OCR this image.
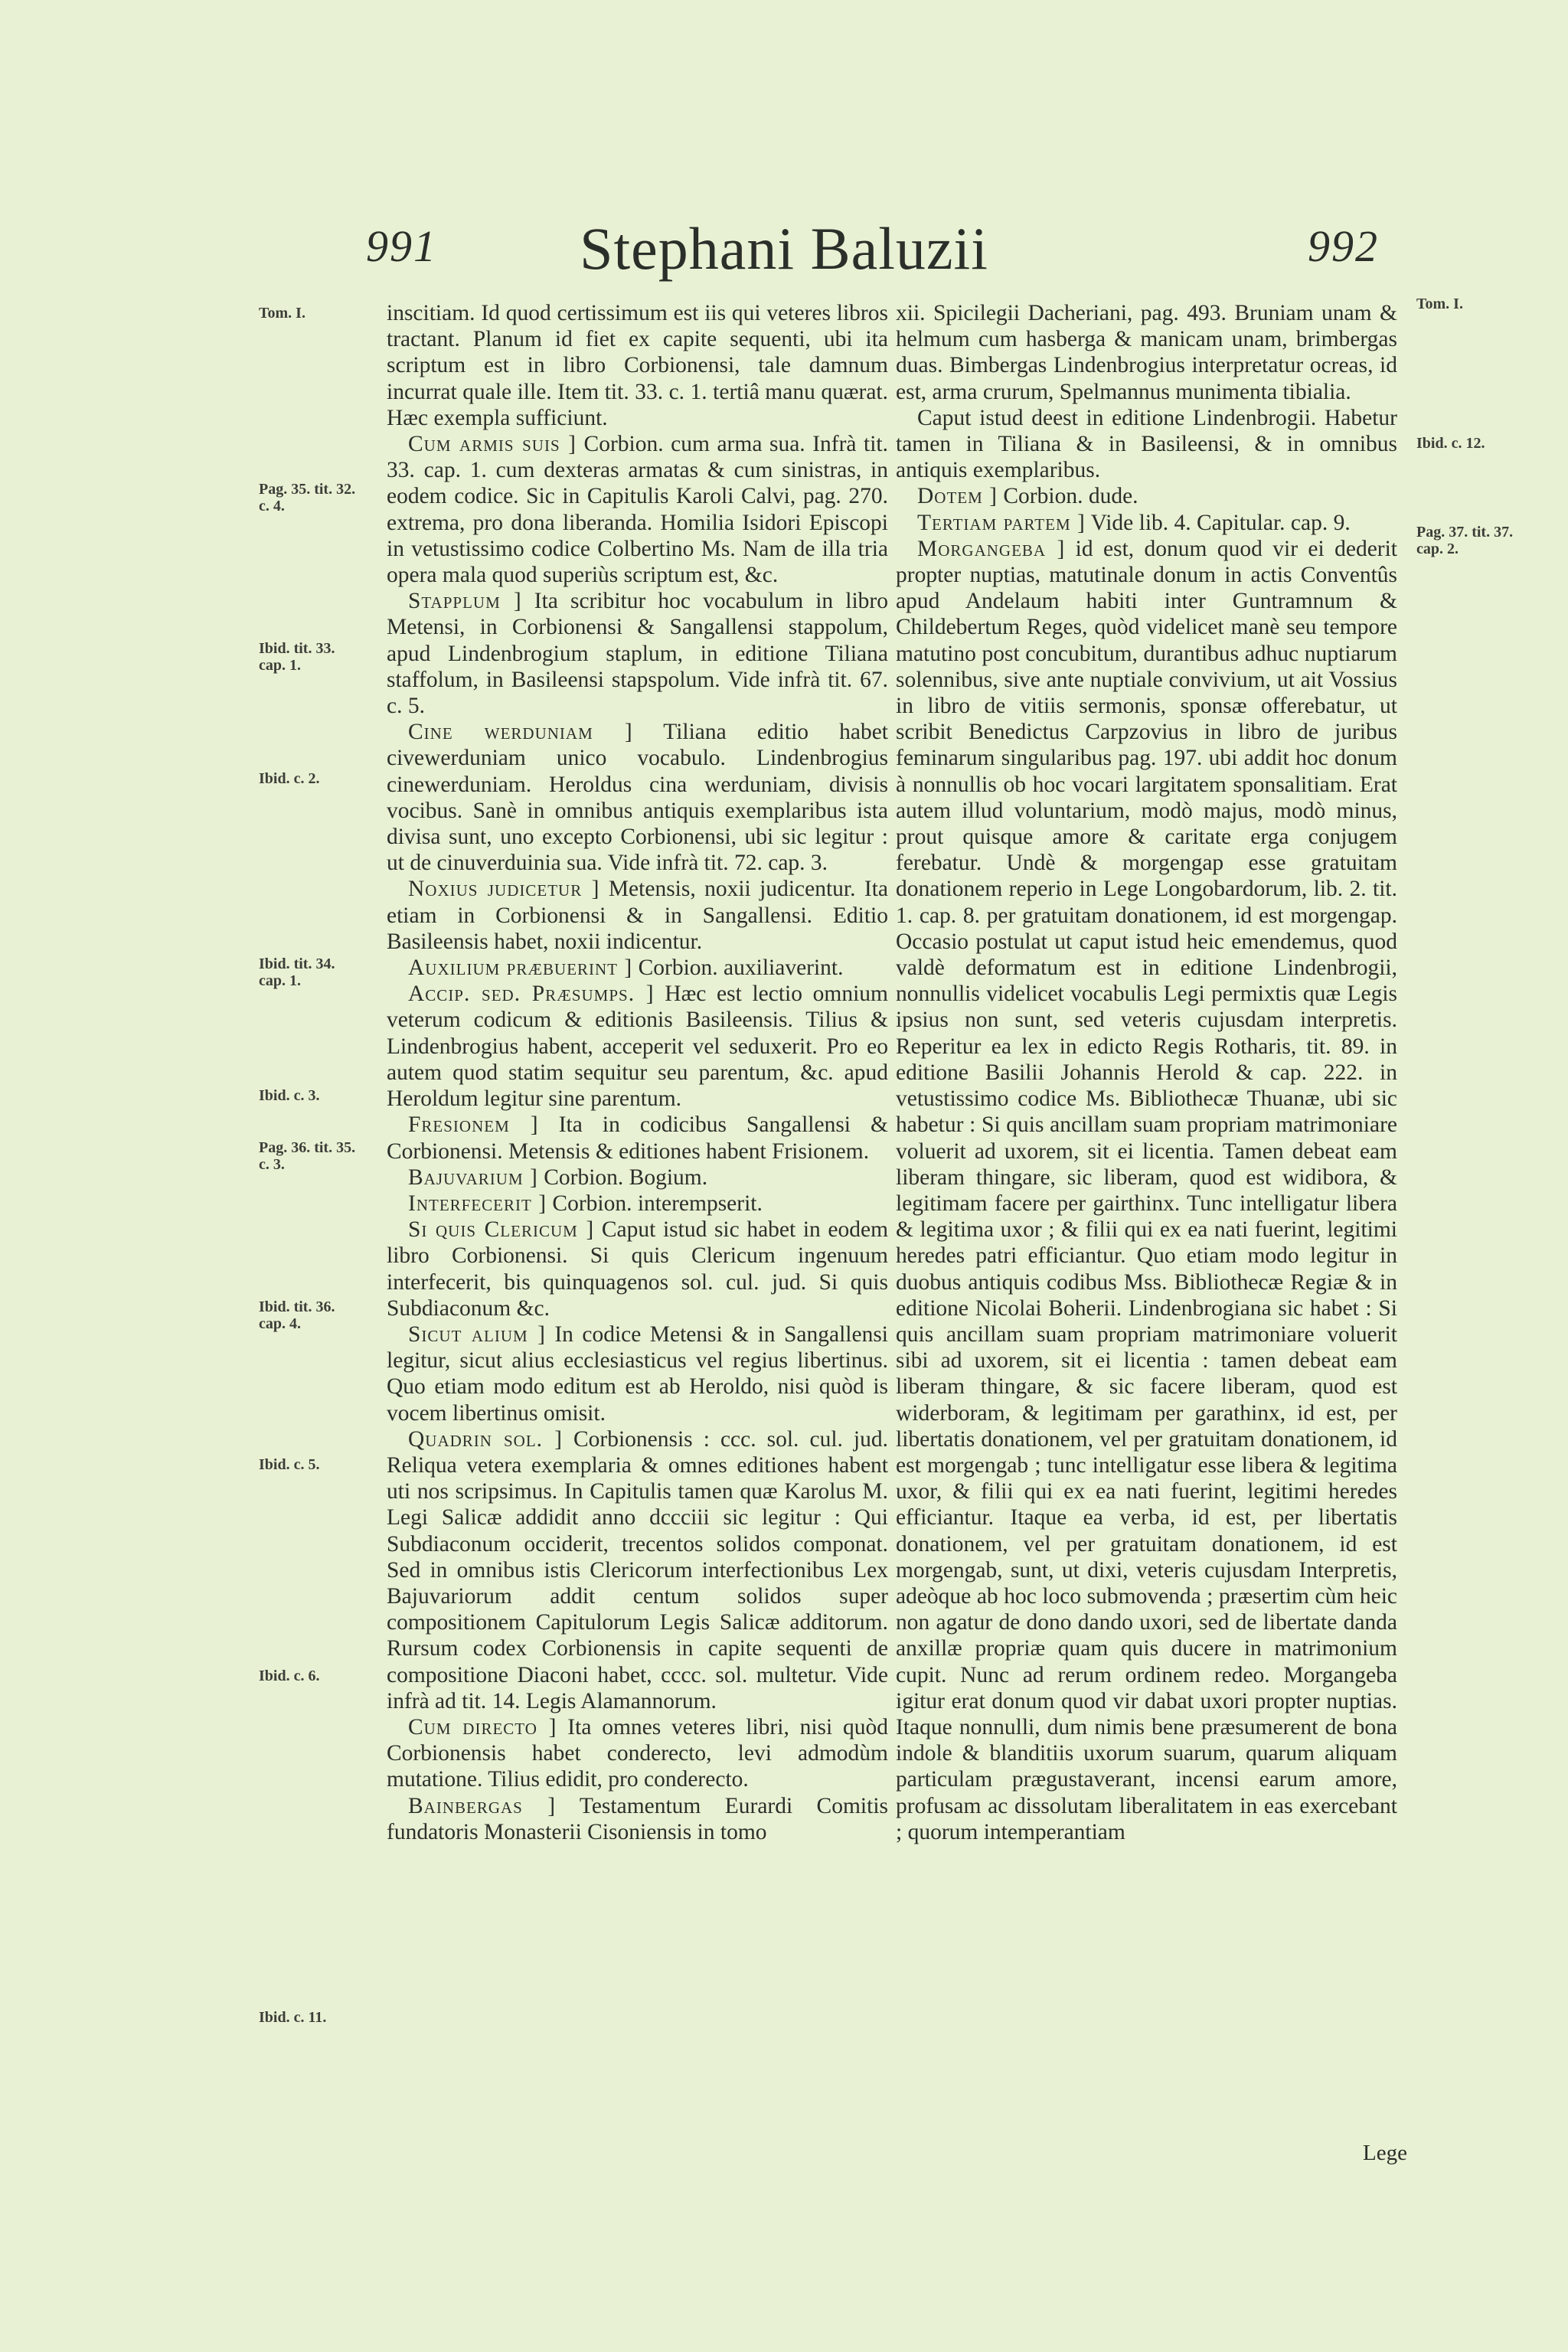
991	Stephani Baluzii	992
Tom. I.
Pag. 35. tit. 32. c. 4.
Ibid. tit. 33. cap. 1.
Ibid. c. 2.
Ibid. tit. 34. cap. 1.
Ibid. c. 3.
Pag. 36. tit. 35. c. 3.
Ibid. tit. 36. cap. 4.
Ibid. c. 5.
Ibid. c. 6.
Ibid. c. 11.
Tom. I.
Ibid. c. 12.
Pag. 37. tit. 37. cap. 2.

inscitiam. Id quod certissimum est iis qui veteres libros tractant. Planum id fiet ex capite sequenti, ubi ita scriptum est in libro Corbionensi, tale damnum incurrat quale ille. Item tit. 33. c. 1. tertiâ manu quærat. Hæc exempla sufficiunt.

Cum armis suis ] Corbion. cum arma sua. Infrà tit. 33. cap. 1. cum dexteras armatas & cum sinistras, in eodem codice. Sic in Capitulis Karoli Calvi, pag. 270. extrema, pro dona liberanda. Homilia Isidori Episcopi in vetustissimo codice Colbertino Ms. Nam de illa tria opera mala quod superiùs scriptum est, &c.

Stapplum ] Ita scribitur hoc vocabulum in libro Metensi, in Corbionensi & Sangallensi stappolum, apud Lindenbrogium staplum, in editione Tiliana staffolum, in Basileensi stapspolum. Vide infrà tit. 67. c. 5.

Cine werduniam ] Tiliana editio habet civewerduniam unico vocabulo. Lindenbrogius cinewerduniam. Heroldus cina werduniam, divisis vocibus. Sanè in omnibus antiquis exemplaribus ista divisa sunt, uno excepto Corbionensi, ubi sic legitur : ut de cinuverduinia sua. Vide infrà tit. 72. cap. 3.

Noxius judicetur ] Metensis, noxii judicentur. Ita etiam in Corbionensi & in Sangallensi. Editio Basileensis habet, noxii indicentur.

Auxilium præbuerint ] Corbion. auxiliaverint.

Accip. sed. Præsumps. ] Hæc est lectio omnium veterum codicum & editionis Basileensis. Tilius & Lindenbrogius habent, acceperit vel seduxerit. Pro eo autem quod statim sequitur seu parentum, &c. apud Heroldum legitur sine parentum.

Fresionem ] Ita in codicibus Sangallensi & Corbionensi. Metensis & editiones habent Frisionem.

Bajuvarium ] Corbion. Bogium.

Interfecerit ] Corbion. interempserit.

Si quis Clericum ] Caput istud sic habet in eodem libro Corbionensi. Si quis Clericum ingenuum interfecerit, bis quinquagenos sol. cul. jud. Si quis Subdiaconum &c.

Sicut alium ] In codice Metensi & in Sangallensi legitur, sicut alius ecclesiasticus vel regius libertinus. Quo etiam modo editum est ab Heroldo, nisi quòd is vocem libertinus omisit.

Quadrin sol. ] Corbionensis : ccc. sol. cul. jud. Reliqua vetera exemplaria & omnes editiones habent uti nos scripsimus. In Capitulis tamen quæ Karolus M. Legi Salicæ addidit anno dccciii sic legitur : Qui Subdiaconum occiderit, trecentos solidos componat. Sed in omnibus istis Clericorum interfectionibus Lex Bajuvariorum addit centum solidos super compositionem Capitulorum Legis Salicæ additorum. Rursum codex Corbionensis in capite sequenti de compositione Diaconi habet, cccc. sol. multetur. Vide infrà ad tit. 14. Legis Alamannorum.

Cum directo ] Ita omnes veteres libri, nisi quòd Corbionensis habet conderecto, levi admodùm mutatione. Tilius edidit, pro conderecto.

Bainbergas ] Testamentum Eurardi Comitis fundatoris Monasterii Cisoniensis in tomo

xii. Spicilegii Dacheriani, pag. 493. Bruniam unam & helmum cum hasberga & manicam unam, brimbergas duas. Bimbergas Lindenbrogius interpretatur ocreas, id est, arma crurum, Spelmannus munimenta tibialia.

Caput istud deest in editione Lindenbrogii. Habetur tamen in Tiliana & in Basileensi, & in omnibus antiquis exemplaribus.

Dotem ] Corbion. dude.

Tertiam partem ] Vide lib. 4. Capitular. cap. 9.

Morgangeba ] id est, donum quod vir ei dederit propter nuptias, matutinale donum in actis Conventûs apud Andelaum habiti inter Guntramnum & Childebertum Reges, quòd videlicet manè seu tempore matutino post concubitum, durantibus adhuc nuptiarum solennibus, sive ante nuptiale convivium, ut ait Vossius in libro de vitiis sermonis, sponsæ offerebatur, ut scribit Benedictus Carpzovius in libro de juribus feminarum singularibus pag. 197. ubi addit hoc donum à nonnullis ob hoc vocari largitatem sponsalitiam. Erat autem illud voluntarium, modò majus, modò minus, prout quisque amore & caritate erga conjugem ferebatur. Undè & morgengap esse gratuitam donationem reperio in Lege Longobardorum, lib. 2. tit. 1. cap. 8. per gratuitam donationem, id est morgengap. Occasio postulat ut caput istud heic emendemus, quod valdè deformatum est in editione Lindenbrogii, nonnullis videlicet vocabulis Legi permixtis quæ Legis ipsius non sunt, sed veteris cujusdam interpretis. Reperitur ea lex in edicto Regis Rotharis, tit. 89. in editione Basilii Johannis Herold & cap. 222. in vetustissimo codice Ms. Bibliothecæ Thuanæ, ubi sic habetur : Si quis ancillam suam propriam matrimoniare voluerit ad uxorem, sit ei licentia. Tamen debeat eam liberam thingare, sic liberam, quod est widibora, & legitimam facere per gairthinx. Tunc intelligatur libera & legitima uxor ; & filii qui ex ea nati fuerint, legitimi heredes patri efficiantur. Quo etiam modo legitur in duobus antiquis codibus Mss. Bibliothecæ Regiæ & in editione Nicolai Boherii. Lindenbrogiana sic habet : Si quis ancillam suam propriam matrimoniare voluerit sibi ad uxorem, sit ei licentia : tamen debeat eam liberam thingare, & sic facere liberam, quod est widerboram, & legitimam per garathinx, id est, per libertatis donationem, vel per gratuitam donationem, id est morgengab ; tunc intelligatur esse libera & legitima uxor, & filii qui ex ea nati fuerint, legitimi heredes efficiantur. Itaque ea verba, id est, per libertatis donationem, vel per gratuitam donationem, id est morgengab, sunt, ut dixi, veteris cujusdam Interpretis, adeòque ab hoc loco submovenda ; præsertim cùm heic non agatur de dono dando uxori, sed de libertate danda anxillæ propriæ quam quis ducere in matrimonium cupit. Nunc ad rerum ordinem redeo. Morgangeba igitur erat donum quod vir dabat uxori propter nuptias. Itaque nonnulli, dum nimis bene præsumerent de bona indole & blanditiis uxorum suarum, quarum aliquam particulam prægustaverant, incensi earum amore, profusam ac dissolutam liberalitatem in eas exercebant ; quorum intemperantiam

Lege
